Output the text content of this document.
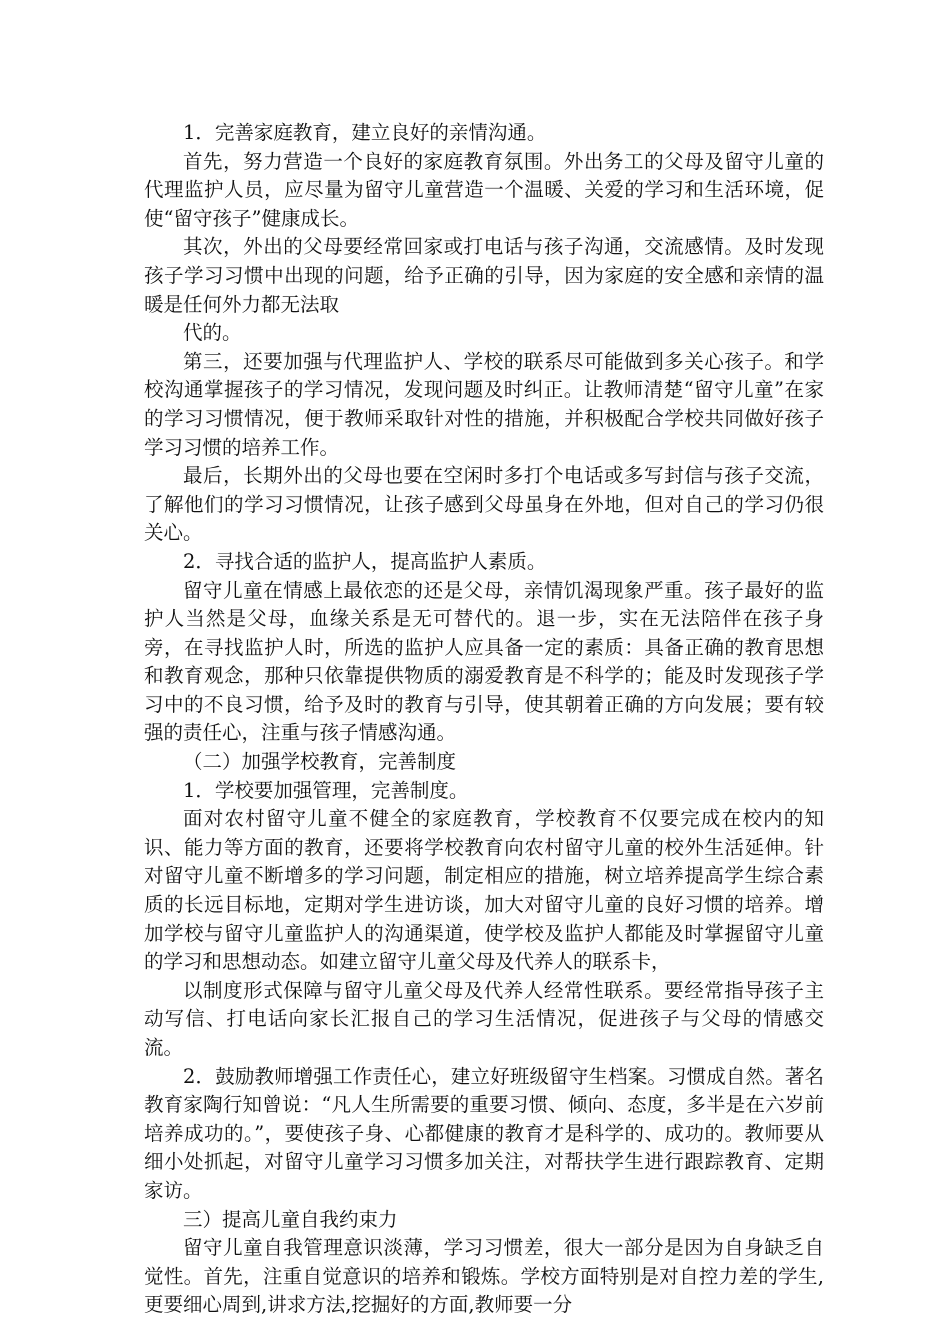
1．完善家庭教育，建立良好的亲情沟通。

首先，努力营造一个良好的家庭教育氛围。外出务工的父母及留守儿童的代理监护人员，应尽量为留守儿童营造一个温暖、关爱的学习和生活环境，促使“留守孩子”健康成长。

其次，外出的父母要经常回家或打电话与孩子沟通，交流感情。及时发现孩子学习习惯中出现的问题，给予正确的引导，因为家庭的安全感和亲情的温暖是任何外力都无法取

代的。

第三，还要加强与代理监护人、学校的联系尽可能做到多关心孩子。和学校沟通掌握孩子的学习情况，发现问题及时纠正。让教师清楚“留守儿童”在家的学习习惯情况，便于教师采取针对性的措施，并积极配合学校共同做好孩子学习习惯的培养工作。

最后，长期外出的父母也要在空闲时多打个电话或多写封信与孩子交流，了解他们的学习习惯情况，让孩子感到父母虽身在外地，但对自己的学习仍很关心。

2．寻找合适的监护人，提高监护人素质。

留守儿童在情感上最依恋的还是父母，亲情饥渴现象严重。孩子最好的监护人当然是父母，血缘关系是无可替代的。退一步，实在无法陪伴在孩子身旁，在寻找监护人时，所选的监护人应具备一定的素质：具备正确的教育思想和教育观念，那种只依靠提供物质的溺爱教育是不科学的；能及时发现孩子学习中的不良习惯，给予及时的教育与引导，使其朝着正确的方向发展；要有较强的责任心，注重与孩子情感沟通。

（二）加强学校教育，完善制度

1．学校要加强管理，完善制度。

面对农村留守儿童不健全的家庭教育，学校教育不仅要完成在校内的知识、能力等方面的教育，还要将学校教育向农村留守儿童的校外生活延伸。针对留守儿童不断增多的学习问题，制定相应的措施，树立培养提高学生综合素质的长远目标地，定期对学生进访谈，加大对留守儿童的良好习惯的培养。增加学校与留守儿童监护人的沟通渠道，使学校及监护人都能及时掌握留守儿童的学习和思想动态。如建立留守儿童父母及代养人的联系卡，

以制度形式保障与留守儿童父母及代养人经常性联系。要经常指导孩子主动写信、打电话向家长汇报自己的学习生活情况，促进孩子与父母的情感交流。

2．鼓励教师增强工作责任心，建立好班级留守生档案。习惯成自然。著名教育家陶行知曾说：“凡人生所需要的重要习惯、倾向、态度，多半是在六岁前培养成功的。”，要使孩子身、心都健康的教育才是科学的、成功的。教师要从细小处抓起，对留守儿童学习习惯多加关注，对帮扶学生进行跟踪教育、定期家访。

三）提高儿童自我约束力

留守儿童自我管理意识淡薄，学习习惯差，很大一部分是因为自身缺乏自觉性。首先，注重自觉意识的培养和锻炼。学校方面特别是对自控力差的学生,更要细心周到,讲求方法,挖掘好的方面,教师要一分
